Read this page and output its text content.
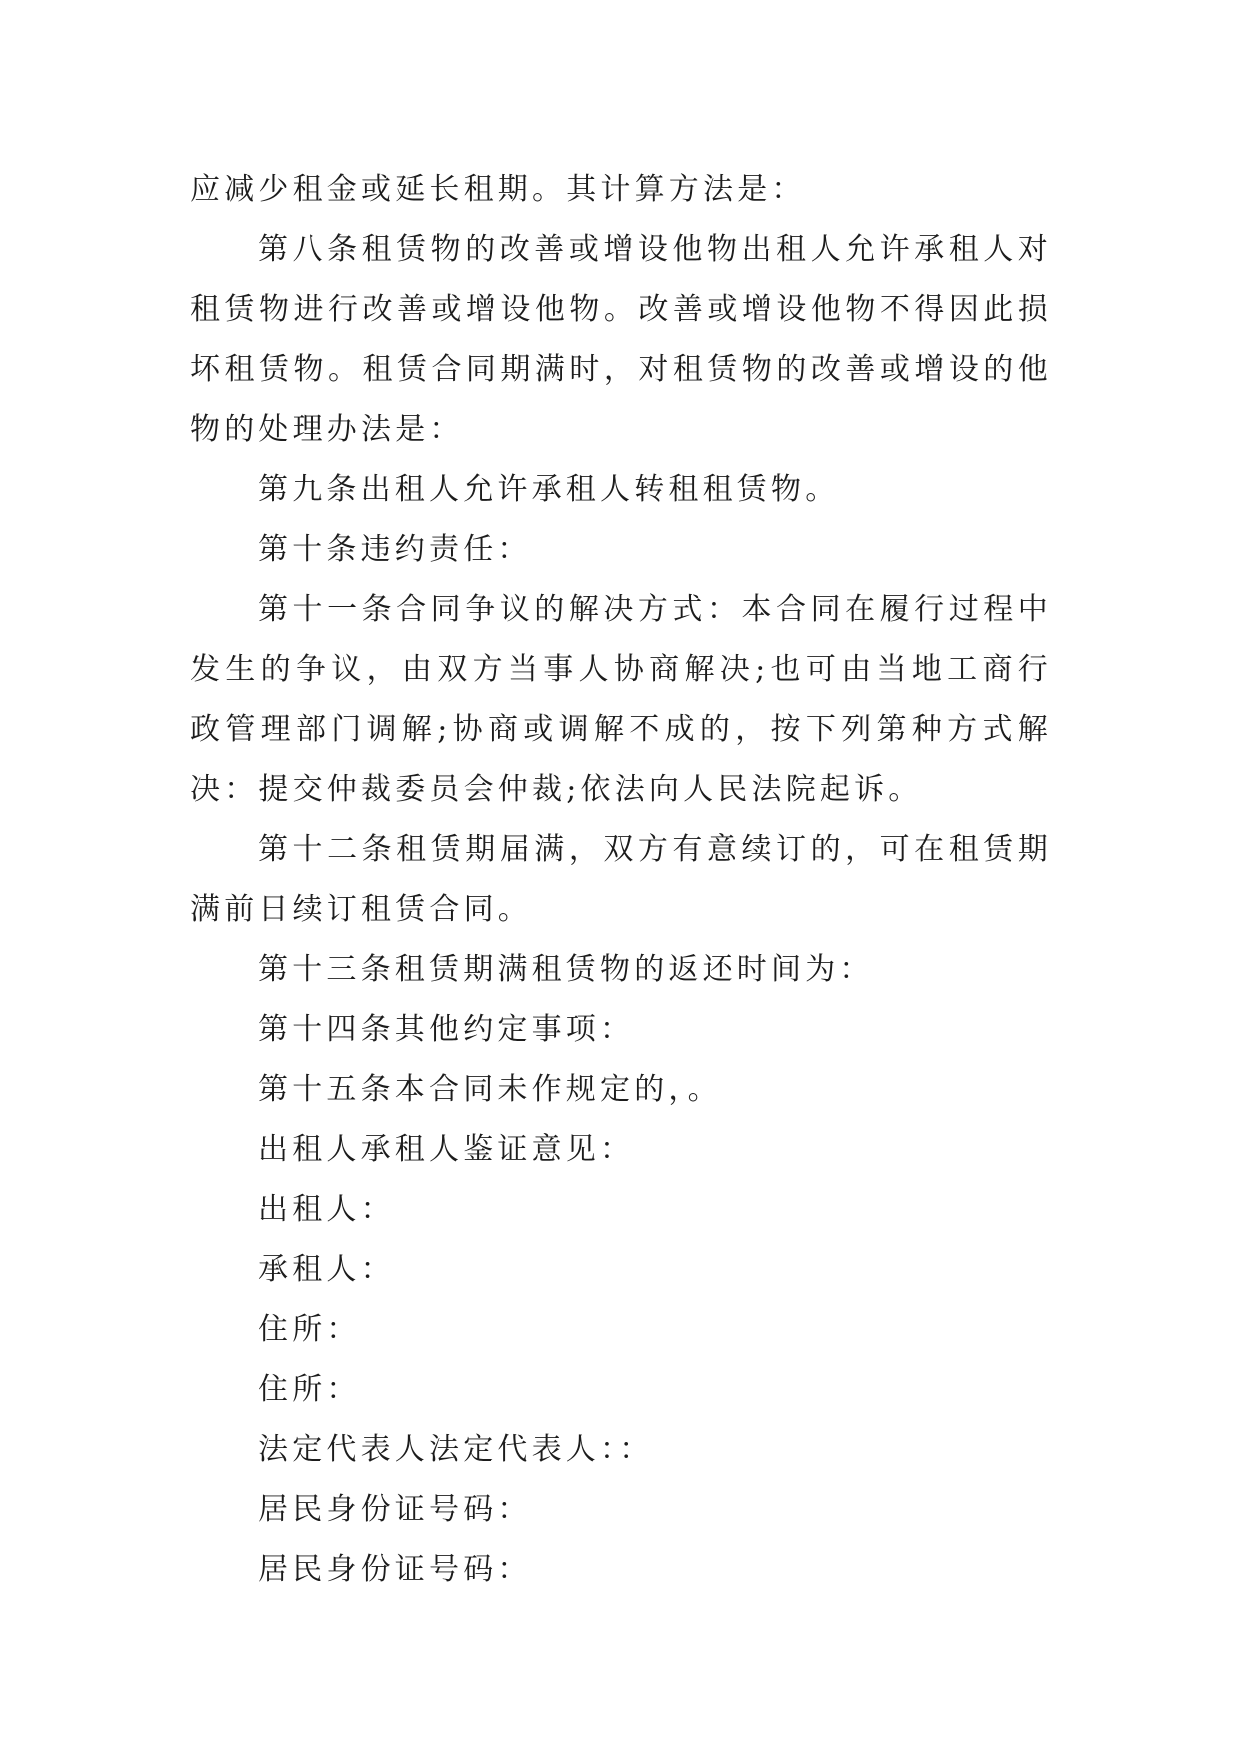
应减少租金或延长租期。其计算方法是：

第八条租赁物的改善或增设他物出租人允许承租人对租赁物进行改善或增设他物。改善或增设他物不得因此损坏租赁物。租赁合同期满时，对租赁物的改善或增设的他物的处理办法是：

第九条出租人允许承租人转租租赁物。

第十条违约责任：

第十一条合同争议的解决方式：本合同在履行过程中发生的争议，由双方当事人协商解决;也可由当地工商行政管理部门调解;协商或调解不成的，按下列第种方式解决：提交仲裁委员会仲裁;依法向人民法院起诉。

第十二条租赁期届满，双方有意续订的，可在租赁期满前日续订租赁合同。

第十三条租赁期满租赁物的返还时间为：

第十四条其他约定事项：

第十五条本合同未作规定的，。

出租人承租人鉴证意见：

出租人：

承租人：

住所：

住所：

法定代表人法定代表人：：

居民身份证号码：

居民身份证号码：
